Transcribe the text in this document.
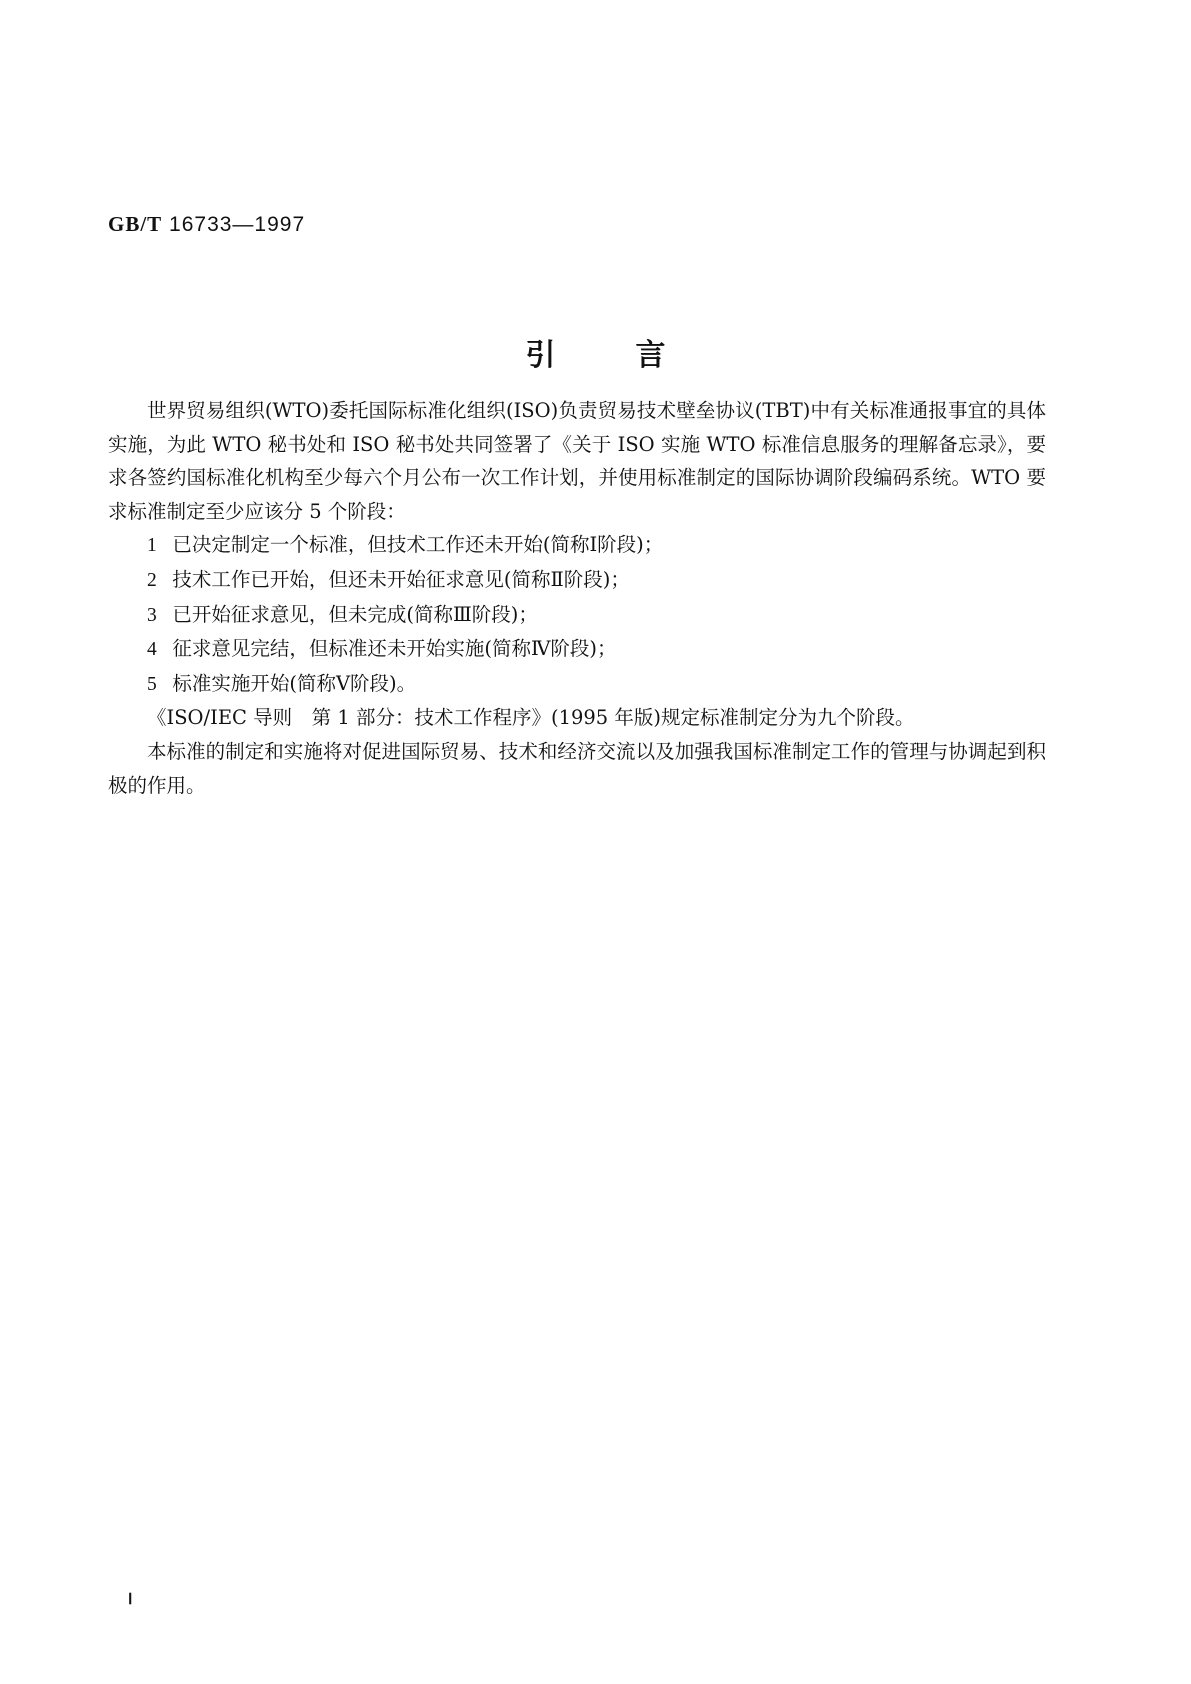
GB/T 16733—1997
引言

世界贸易组织(WTO)委托国际标准化组织(ISO)负责贸易技术壁垒协议(TBT)中有关标准通报事宜的具体实施，为此 WTO 秘书处和 ISO 秘书处共同签署了《关于 ISO 实施 WTO 标准信息服务的理解备忘录》，要求各签约国标准化机构至少每六个月公布一次工作计划，并使用标准制定的国际协调阶段编码系统。WTO 要求标准制定至少应该分 5 个阶段：

1 已决定制定一个标准，但技术工作还未开始(简称Ⅰ阶段)；

2 技术工作已开始，但还未开始征求意见(简称Ⅱ阶段)；

3 已开始征求意见，但未完成(简称Ⅲ阶段)；

4 征求意见完结，但标准还未开始实施(简称Ⅳ阶段)；

5 标准实施开始(简称Ⅴ阶段)。

《ISO/IEC 导则　第 1 部分：技术工作程序》(1995 年版)规定标准制定分为九个阶段。

本标准的制定和实施将对促进国际贸易、技术和经济交流以及加强我国标准制定工作的管理与协调起到积极的作用。

Ⅰ
